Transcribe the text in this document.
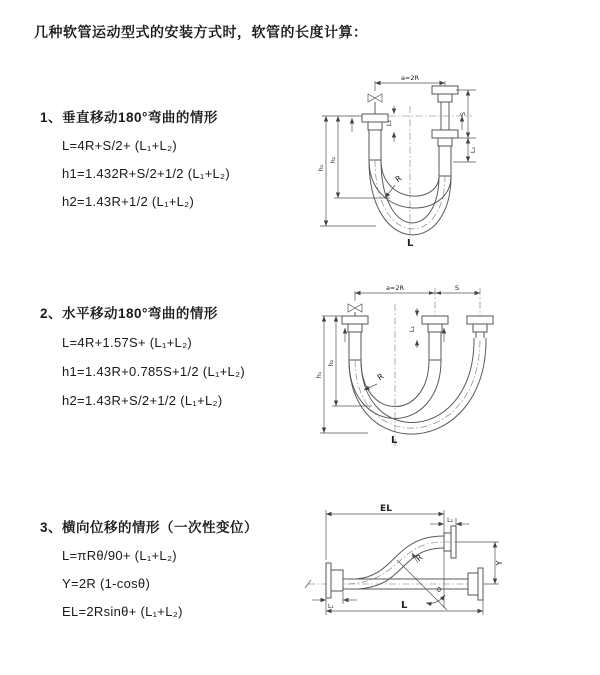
几种软管运动型式的安装方式时，软管的长度计算：
1、垂直移动180°弯曲的情形
L=4R+S/2+ (L₁+L₂)
h1=1.432R+S/2+1/2 (L₁+L₂)
h2=1.43R+1/2 (L₁+L₂)
2、水平移动180°弯曲的情形
L=4R+1.57S+ (L₁+L₂)
h1=1.43R+0.785S+1/2 (L₁+L₂)
h2=1.43R+S/2+1/2 (L₁+L₂)
3、横向位移的情形（一次性变位）
L=πRθ/90+ (L₁+L₂)
Y=2R (1-cosθ)
EL=2Rsinθ+ (L₁+L₂)
a=2R
h₂
h₁
L₁
S
L₂
R
L
a=2R	S
h₂
h₁
L₁
R
L
EL
L₂
Y
L
L₁
R
θ
